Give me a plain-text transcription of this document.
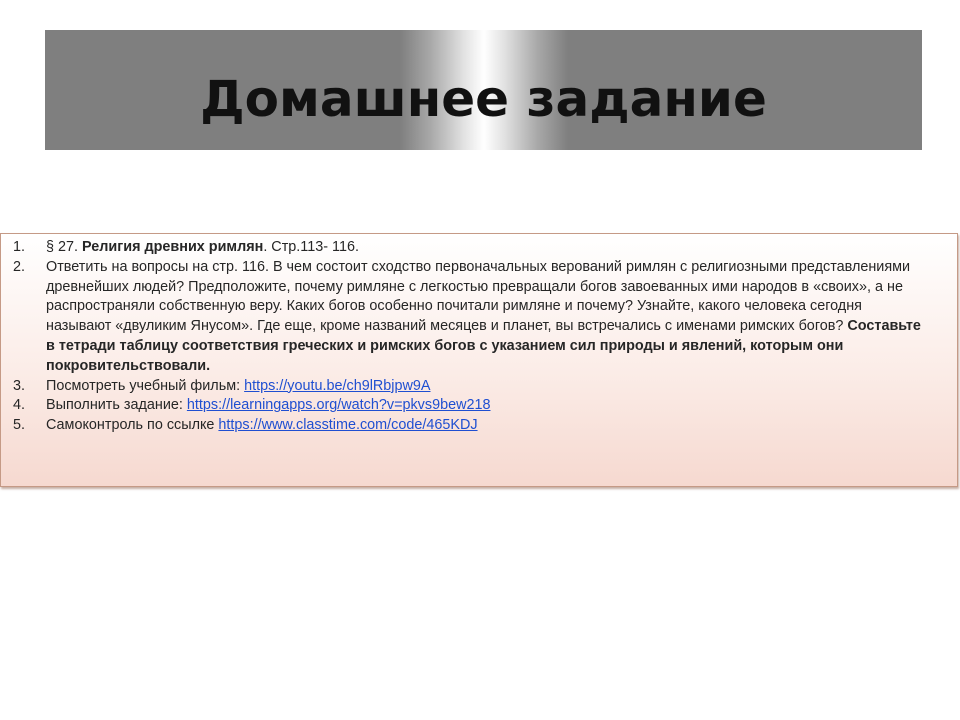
Домашнее задание
1.	§ 27. Религия древних римлян. Стр.113- 116.
2.	Ответить на вопросы на стр. 116. В чем состоит сходство первоначальных верований римлян с религиозными представлениями древнейших людей? Предположите, почему римляне с легкостью превращали богов завоеванных ими народов в «своих», а не распространяли собственную веру. Каких богов особенно почитали римляне и почему? Узнайте, какого человека сегодня называют «двуликим Янусом». Где еще, кроме названий месяцев и планет, вы встречались с именами римских богов? Составьте в тетради таблицу соответствия греческих и римских богов с указанием сил природы и явлений, которым они покровительствовали.
3.	Посмотреть учебный фильм: https://youtu.be/ch9lRbjpw9A
4.	Выполнить задание: https://learningapps.org/watch?v=pkvs9bew218
5.	Самоконтроль по ссылке https://www.classtime.com/code/465KDJ
